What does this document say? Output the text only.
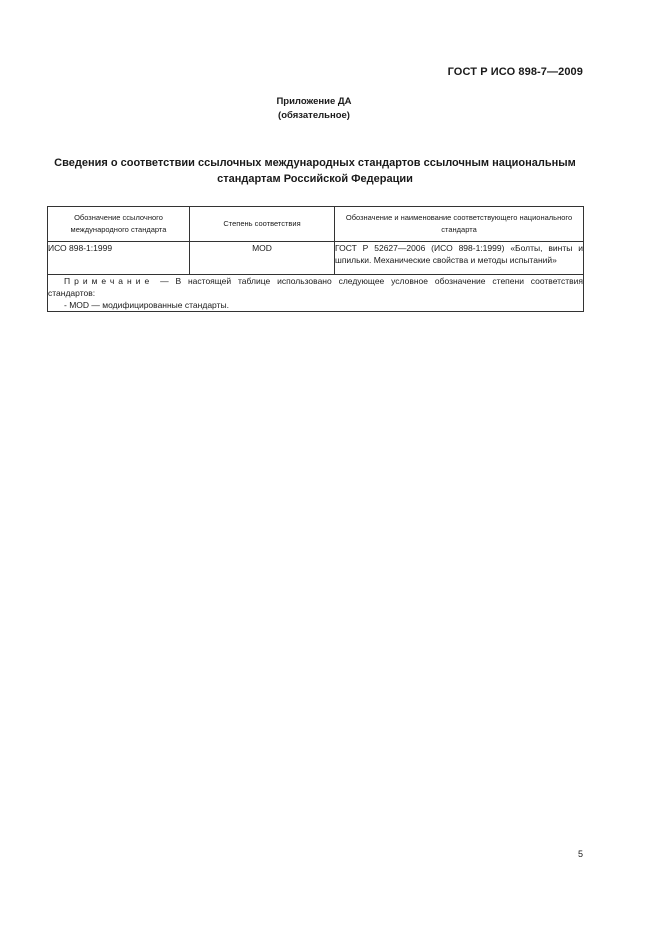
ГОСТ Р ИСО 898-7—2009
Приложение ДА
(обязательное)
Сведения о соответствии ссылочных международных стандартов ссылочным национальным
стандартам Российской Федерации
Обозначение ссылочного международного стандарта	Степень соответствия	Обозначение и наименование соответствующего национального стандарта
ИСО 898-1:1999	MOD	ГОСТ Р 52627—2006 (ИСО 898-1:1999) «Болты, винты и шпильки. Механические свойства и методы испытаний»

Примечание — В настоящей таблице использовано следующее условное обозначение степени соответствия стандартов:
- MOD — модифицированные стандарты.		
5
